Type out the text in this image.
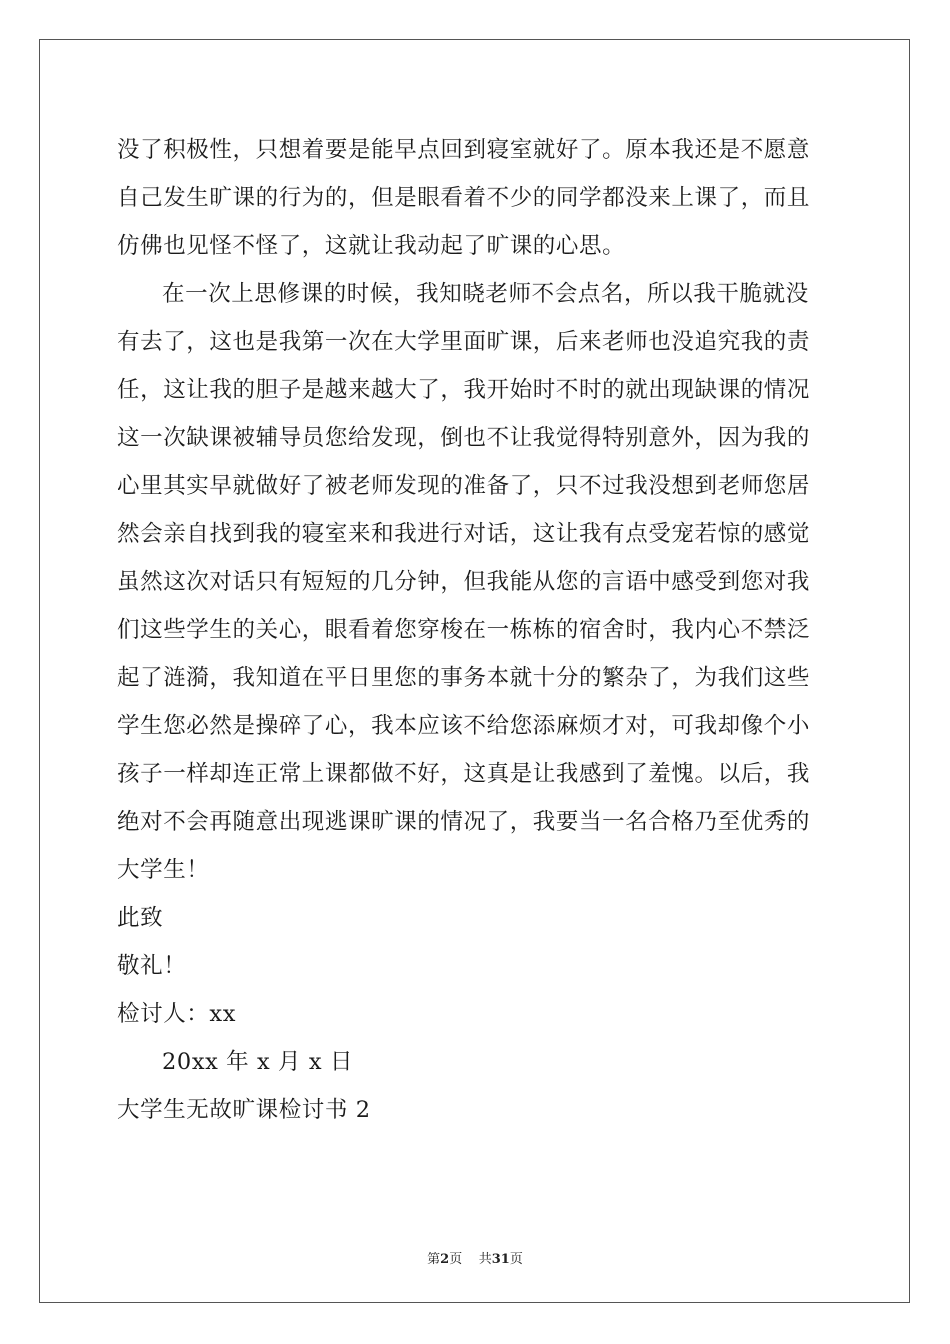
没了积极性，只想着要是能早点回到寝室就好了。原本我还是不愿意
自己发生旷课的行为的，但是眼看着不少的同学都没来上课了，而且
仿佛也见怪不怪了，这就让我动起了旷课的心思。
在一次上思修课的时候，我知晓老师不会点名，所以我干脆就没
有去了，这也是我第一次在大学里面旷课，后来老师也没追究我的责
任，这让我的胆子是越来越大了，我开始时不时的就出现缺课的情况
这一次缺课被辅导员您给发现，倒也不让我觉得特别意外，因为我的
心里其实早就做好了被老师发现的准备了，只不过我没想到老师您居
然会亲自找到我的寝室来和我进行对话，这让我有点受宠若惊的感觉
虽然这次对话只有短短的几分钟，但我能从您的言语中感受到您对我
们这些学生的关心，眼看着您穿梭在一栋栋的宿舍时，我内心不禁泛
起了涟漪，我知道在平日里您的事务本就十分的繁杂了，为我们这些
学生您必然是操碎了心，我本应该不给您添麻烦才对，可我却像个小
孩子一样却连正常上课都做不好，这真是让我感到了羞愧。以后，我
绝对不会再随意出现逃课旷课的情况了，我要当一名合格乃至优秀的
大学生！
此致
敬礼！
检讨人：xx
20xx 年 x 月 x 日
大学生无故旷课检讨书 2
第2页 共31页
